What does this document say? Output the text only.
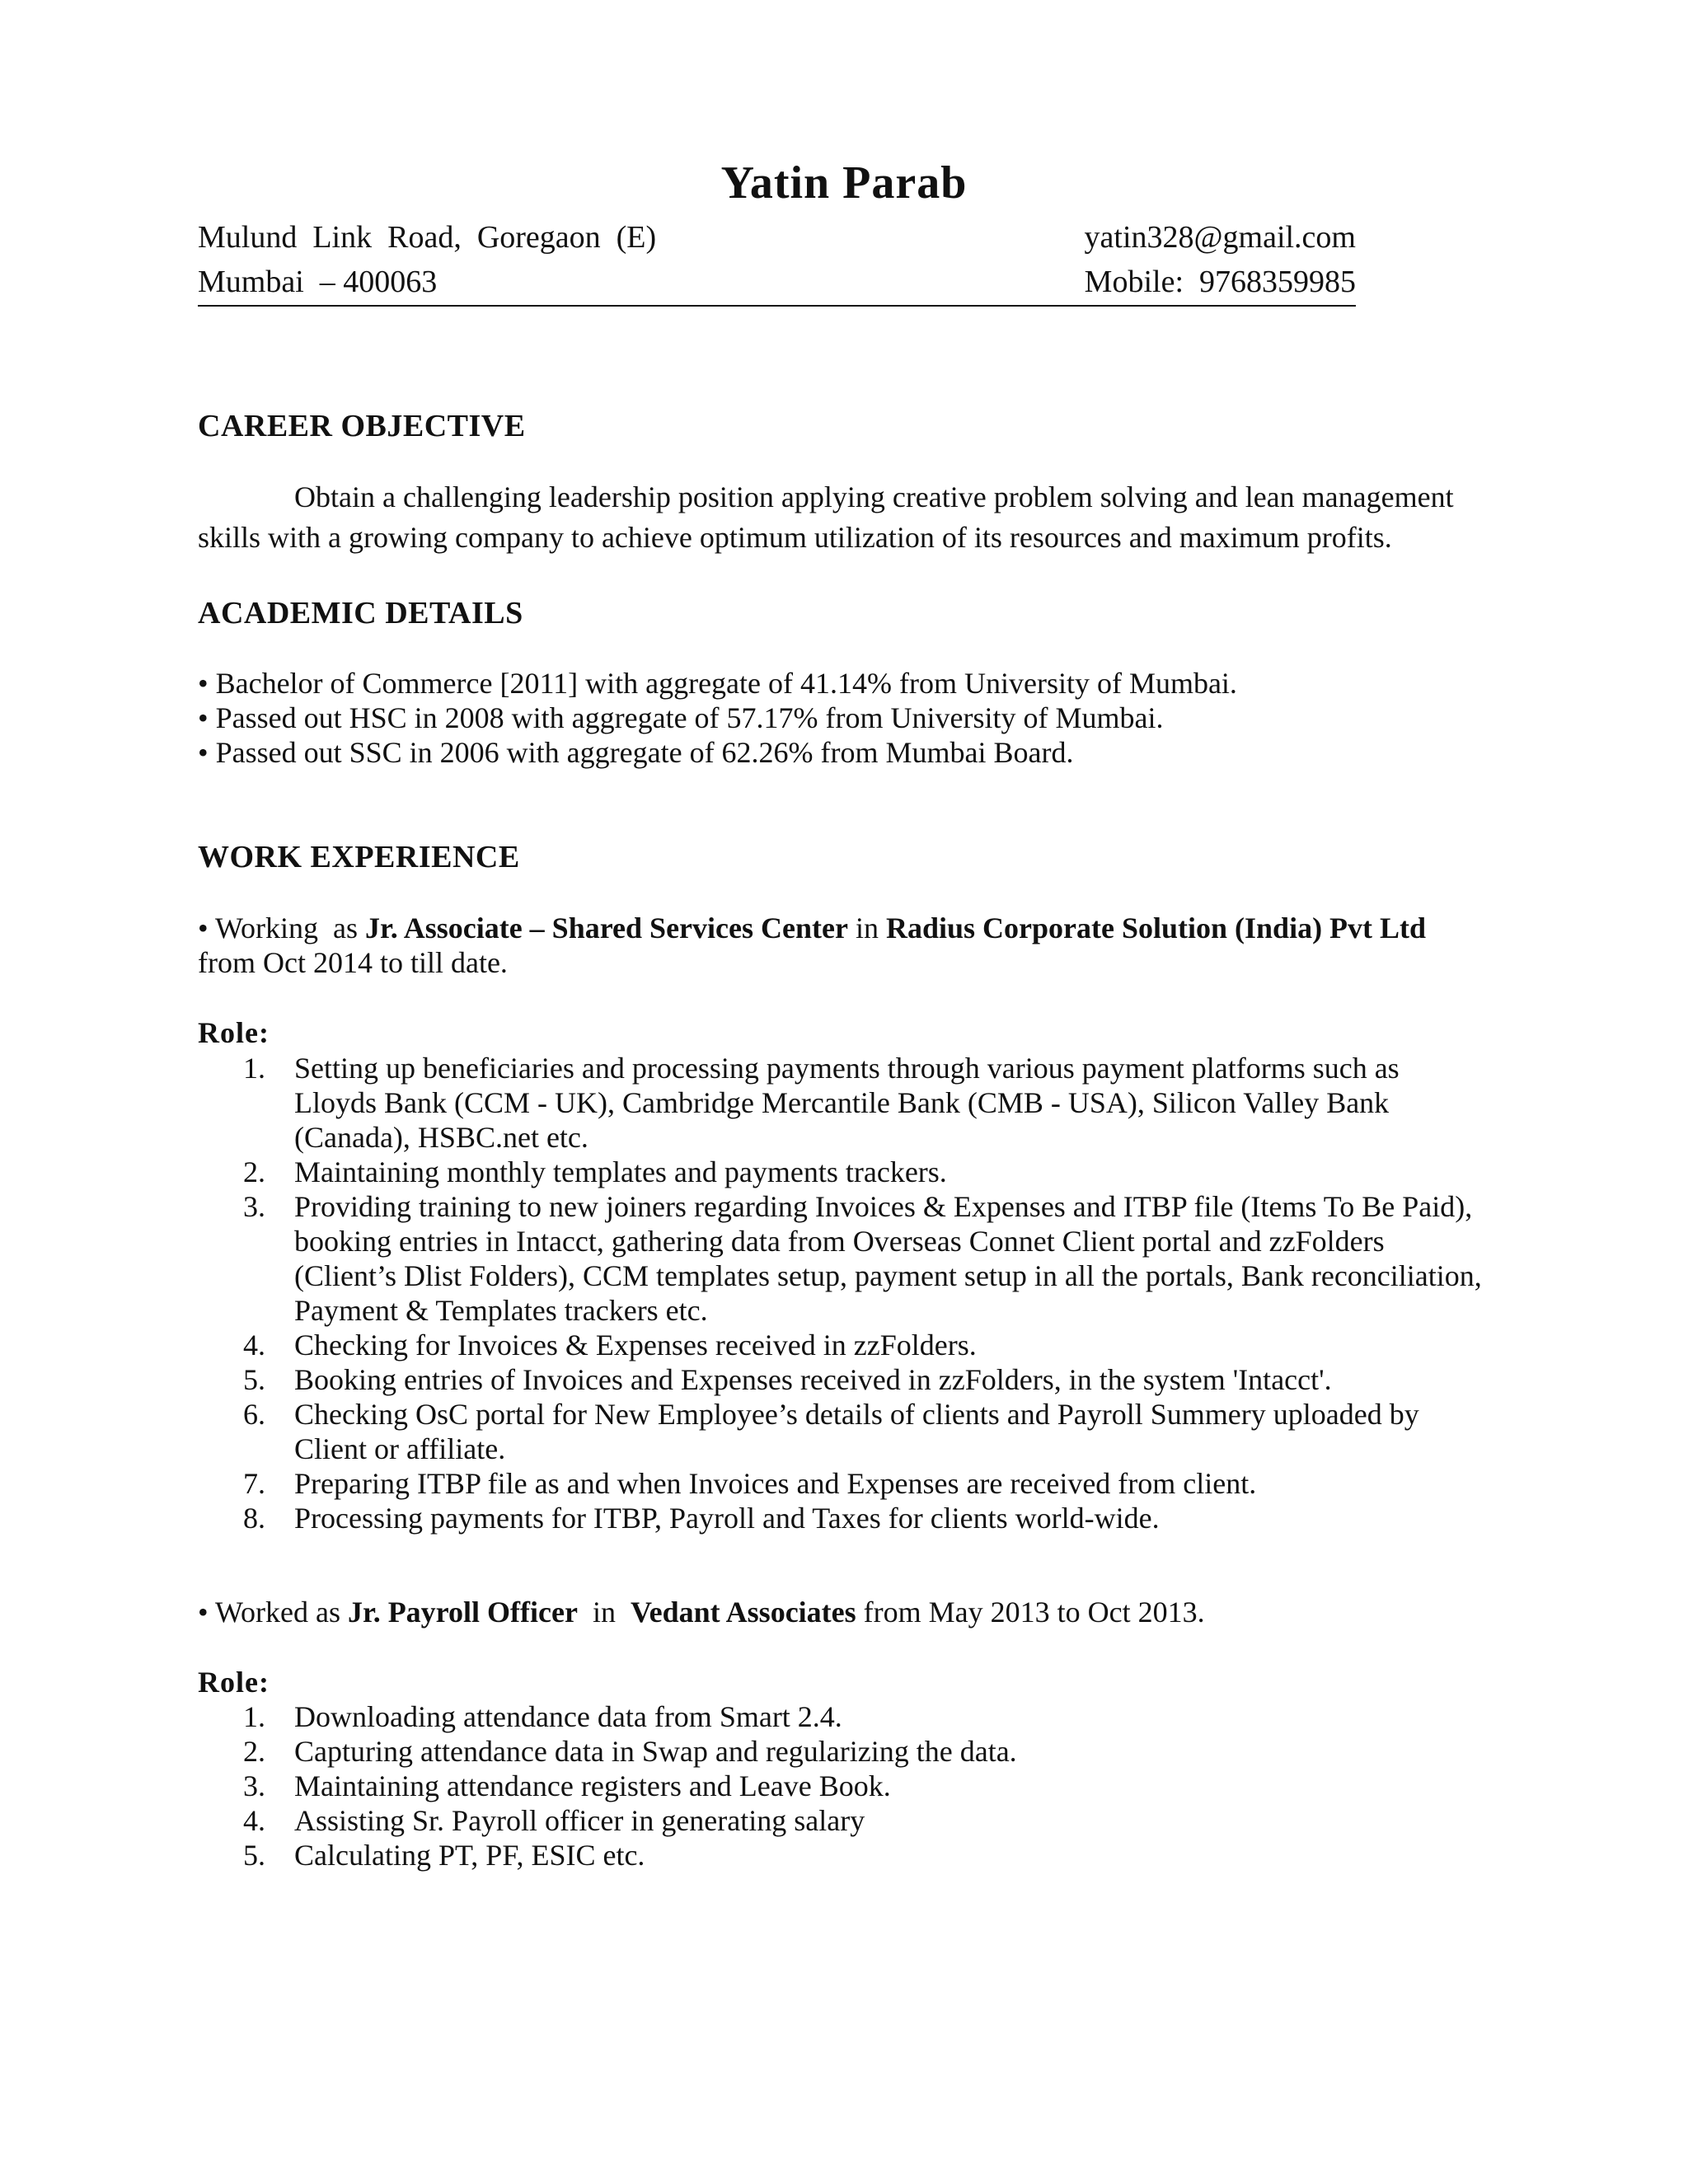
Yatin Parab
Mulund  Link  Road,  Goregaon  (E)	yatin328@gmail.com
Mumbai  – 400063	Mobile:  9768359985
CAREER OBJECTIVE
Obtain a challenging leadership position applying creative problem solving and lean management skills with a growing company to achieve optimum utilization of its resources and maximum profits.
ACADEMIC DETAILS
• Bachelor of Commerce [2011] with aggregate of 41.14% from University of Mumbai.
• Passed out HSC in 2008 with aggregate of 57.17% from University of Mumbai.
• Passed out SSC in 2006 with aggregate of 62.26% from Mumbai Board.
WORK EXPERIENCE
• Working  as Jr. Associate – Shared Services Center in Radius Corporate Solution (India) Pvt Ltd from Oct 2014 to till date.
Role:
1. Setting up beneficiaries and processing payments through various payment platforms such as Lloyds Bank (CCM - UK), Cambridge Mercantile Bank (CMB - USA), Silicon Valley Bank (Canada), HSBC.net etc.
2. Maintaining monthly templates and payments trackers.
3. Providing training to new joiners regarding Invoices & Expenses and ITBP file (Items To Be Paid), booking entries in Intacct, gathering data from Overseas Connet Client portal and zzFolders (Client’s Dlist Folders), CCM templates setup, payment setup in all the portals, Bank reconciliation, Payment & Templates trackers etc.
4. Checking for Invoices & Expenses received in zzFolders.
5. Booking entries of Invoices and Expenses received in zzFolders, in the system 'Intacct'.
6. Checking OsC portal for New Employee’s details of clients and Payroll Summery uploaded by Client or affiliate.
7. Preparing ITBP file as and when Invoices and Expenses are received from client.
8. Processing payments for ITBP, Payroll and Taxes for clients world-wide.
• Worked as Jr. Payroll Officer  in  Vedant Associates from May 2013 to Oct 2013.
Role:
1. Downloading attendance data from Smart 2.4.
2. Capturing attendance data in Swap and regularizing the data.
3. Maintaining attendance registers and Leave Book.
4. Assisting Sr. Payroll officer in generating salary
5. Calculating PT, PF, ESIC etc.
